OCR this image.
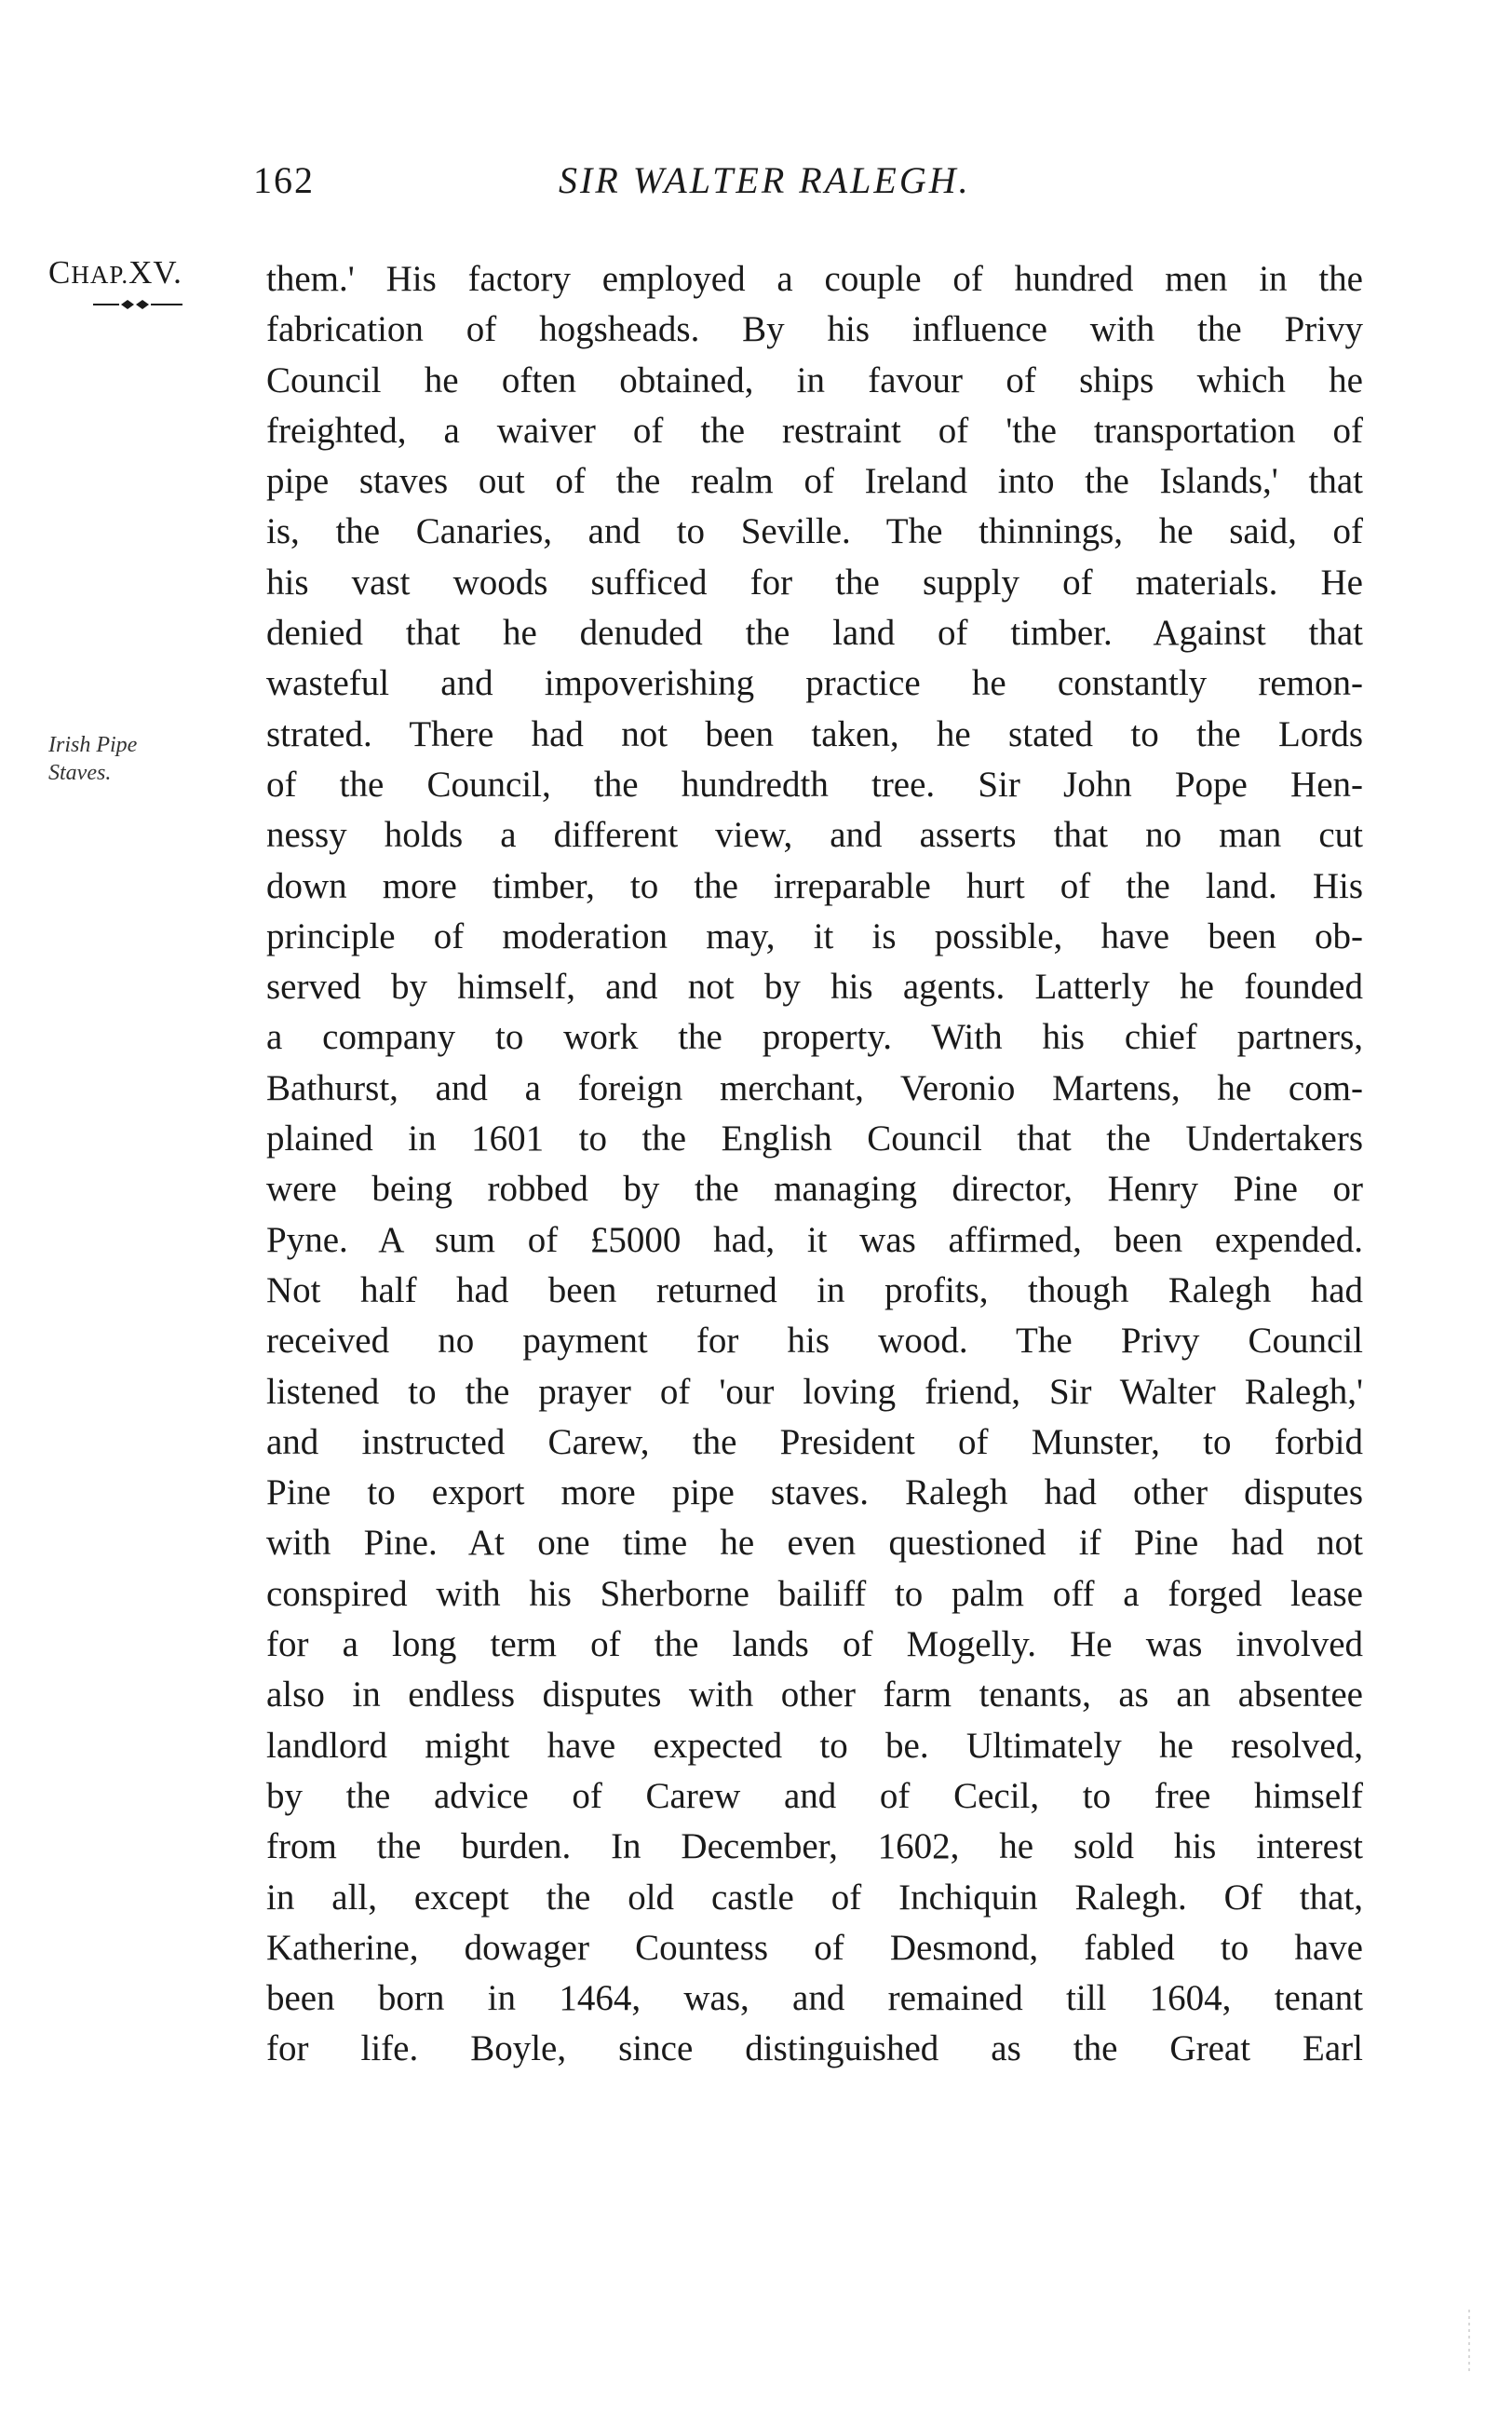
162	SIR WALTER RALEGH.
CHAP.XV.
Irish Pipe
Staves.
them.' His factory employed a couple of hundred men in the
fabrication of hogsheads. By his influence with the Privy
Council he often obtained, in favour of ships which he
freighted, a waiver of the restraint of 'the transportation of
pipe staves out of the realm of Ireland into the Islands,' that
is, the Canaries, and to Seville. The thinnings, he said, of
his vast woods sufficed for the supply of materials. He
denied that he denuded the land of timber. Against that
wasteful and impoverishing practice he constantly remon-
strated. There had not been taken, he stated to the Lords
of the Council, the hundredth tree. Sir John Pope Hen-
nessy holds a different view, and asserts that no man cut
down more timber, to the irreparable hurt of the land. His
principle of moderation may, it is possible, have been ob-
served by himself, and not by his agents. Latterly he founded
a company to work the property. With his chief partners,
Bathurst, and a foreign merchant, Veronio Martens, he com-
plained in 1601 to the English Council that the Undertakers
were being robbed by the managing director, Henry Pine or
Pyne. A sum of £5000 had, it was affirmed, been expended.
Not half had been returned in profits, though Ralegh had
received no payment for his wood. The Privy Council
listened to the prayer of 'our loving friend, Sir Walter Ralegh,'
and instructed Carew, the President of Munster, to forbid
Pine to export more pipe staves. Ralegh had other disputes
with Pine. At one time he even questioned if Pine had not
conspired with his Sherborne bailiff to palm off a forged lease
for a long term of the lands of Mogelly. He was involved
also in endless disputes with other farm tenants, as an absentee
landlord might have expected to be. Ultimately he resolved,
by the advice of Carew and of Cecil, to free himself
from the burden. In December, 1602, he sold his interest
in all, except the old castle of Inchiquin Ralegh. Of that,
Katherine, dowager Countess of Desmond, fabled to have
been born in 1464, was, and remained till 1604, tenant
for life. Boyle, since distinguished as the Great Earl
